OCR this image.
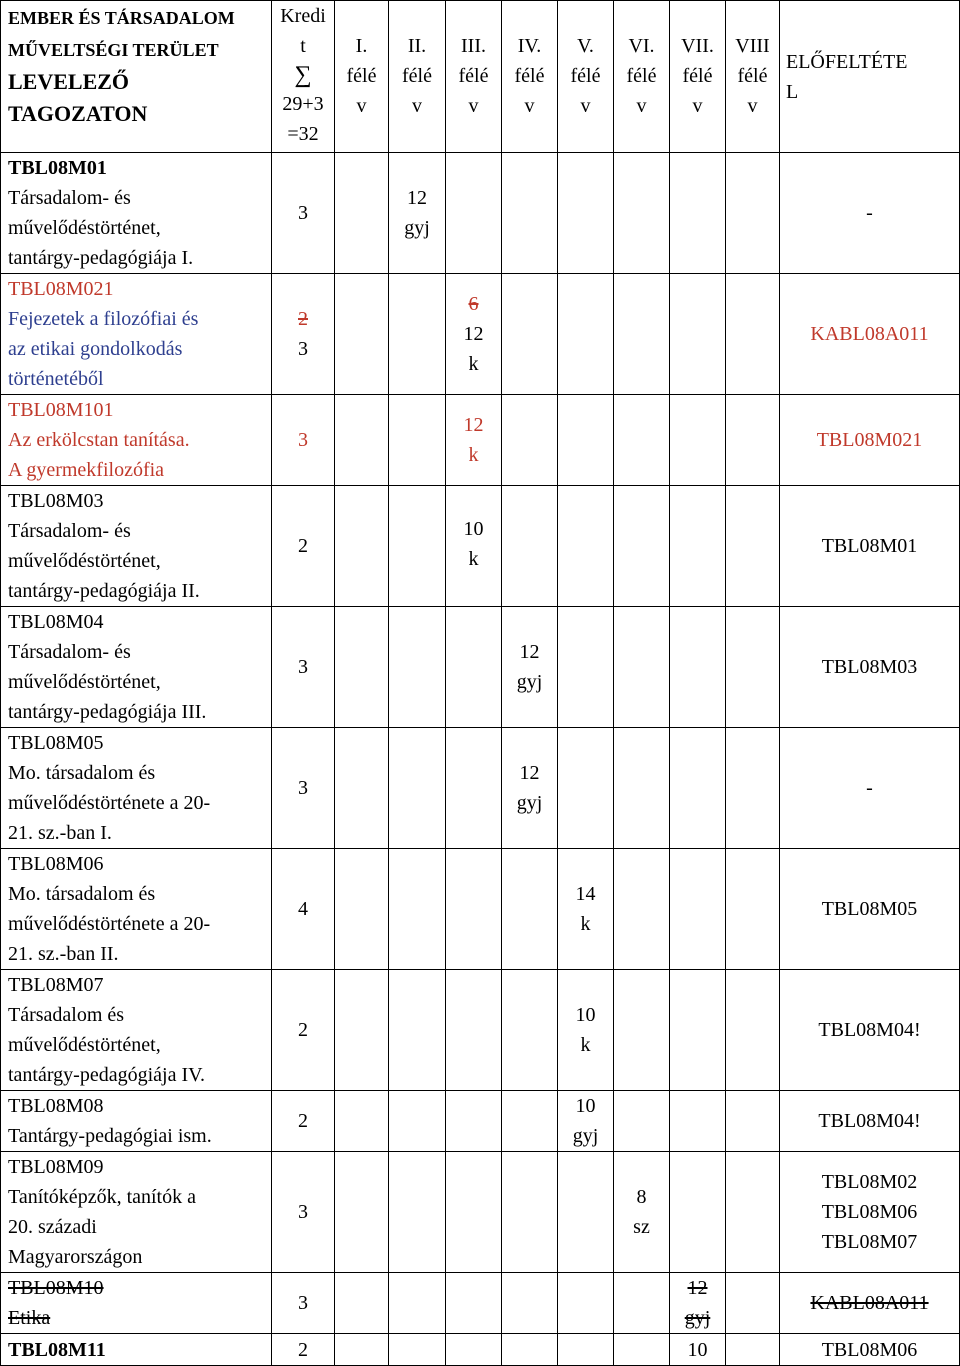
EMBER ÉS TÁRSADALOM
MŰVELTSÉGI TERÜLET
LEVELEZŐ
TAGOZATON	Kredi
t
∑
29+3
=32	I.
félé
v	II.
félé
v	III.
félé
v	IV.
félé
v	V.
félé
v	VI.
félé
v	VII.
félé
v	VIII
félé
v	ELŐFELTÉTE
L

TBL08M01
Társadalom- és
művelődéstörténet,
tantárgy-pedagógiája I.	3		12
gyj							-

TBL08M021
Fejezetek a filozófiai és
az etikai gondolkodás
történetéből	2
3			6
12
k						KABL08A011

TBL08M101
Az erkölcstan tanítása.
A gyermekfilozófia	3			12
k						TBL08M021

TBL08M03
Társadalom- és
művelődéstörténet,
tantárgy-pedagógiája II.	2			10
k						TBL08M01

TBL08M04
Társadalom- és
művelődéstörténet,
tantárgy-pedagógiája III.	3				12
gyj					TBL08M03

TBL08M05
Mo. társadalom és
művelődéstörténete a 20-
21. sz.-ban I.	3				12
gyj					-

TBL08M06
Mo. társadalom és
művelődéstörténete a 20-
21. sz.-ban II.	4					14
k				TBL08M05

TBL08M07
Társadalom és
művelődéstörténet,
tantárgy-pedagógiája IV.	2					10
k				TBL08M04!

TBL08M08
Tantárgy-pedagógiai ism.	2					10
gyj				TBL08M04!

TBL08M09
Tanítóképzők, tanítók a
20. századi
Magyarországon	3						8
sz			TBL08M02
TBL08M06
TBL08M07

TBL08M10
Etika	3							12
gyj		KABL08A011
TBL08M11	2							10		TBL08M06
